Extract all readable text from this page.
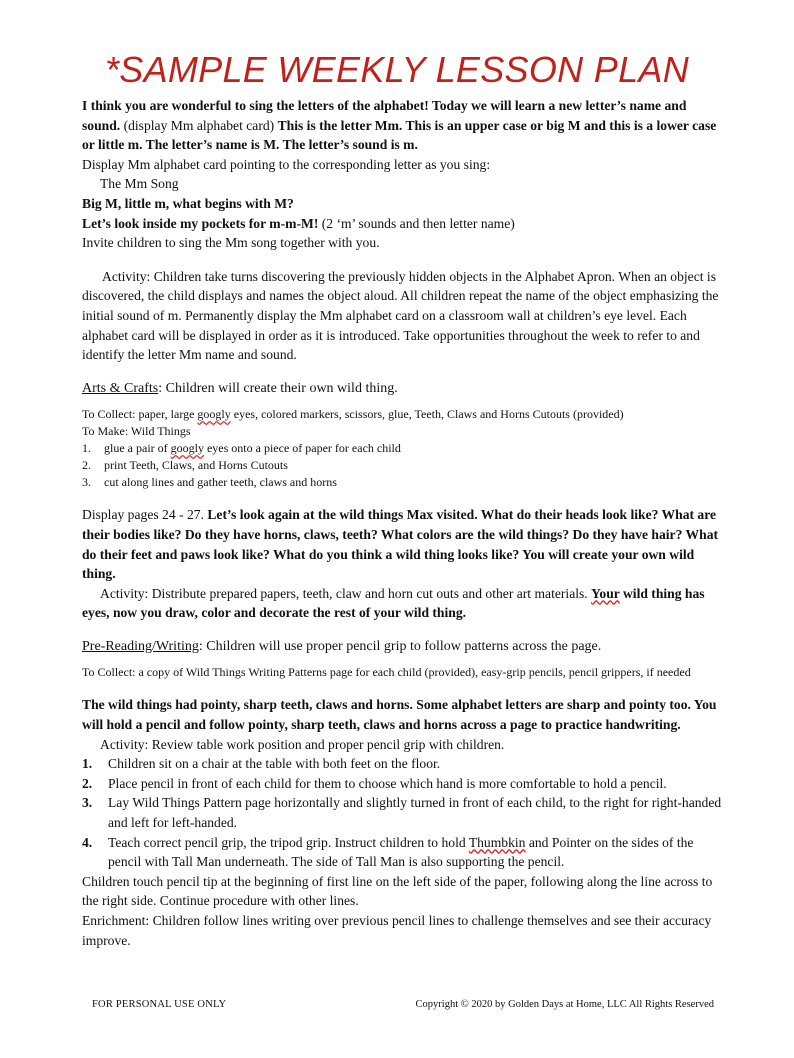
*SAMPLE WEEKLY LESSON PLAN

I think you are wonderful to sing the letters of the alphabet! Today we will learn a new letter’s name and sound. (display Mm alphabet card) This is the letter Mm. This is an upper case or big M and this is a lower case or little m. The letter’s name is M. The letter’s sound is m.

Display Mm alphabet card pointing to the corresponding letter as you sing:

The Mm Song

Big M, little m, what begins with M?

Let’s look inside my pockets for m-m-M! (2 ‘m’ sounds and then letter name)

Invite children to sing the Mm song together with you.

Activity: Children take turns discovering the previously hidden objects in the Alphabet Apron. When an object is discovered, the child displays and names the object aloud. All children repeat the name of the object emphasizing the initial sound of m. Permanently display the Mm alphabet card on a classroom wall at children’s eye level. Each alphabet card will be displayed in order as it is introduced. Take opportunities throughout the week to refer to and identify the letter Mm name and sound.

Arts & Crafts: Children will create their own wild thing.

To Collect: paper, large googly eyes, colored markers, scissors, glue, Teeth, Claws and Horns Cutouts (provided)

To Make: Wild Things

1.	glue a pair of googly eyes onto a piece of paper for each child
2.	print Teeth, Claws, and Horns Cutouts
3.	cut along lines and gather teeth, claws and horns

Display pages 24 - 27. Let’s look again at the wild things Max visited. What do their heads look like? What are their bodies like? Do they have horns, claws, teeth? What colors are the wild things? Do they have hair? What do their feet and paws look like? What do you think a wild thing looks like? You will create your own wild thing.

Activity: Distribute prepared papers, teeth, claw and horn cut outs and other art materials. Your wild thing has eyes, now you draw, color and decorate the rest of your wild thing.

Pre-Reading/Writing: Children will use proper pencil grip to follow patterns across the page.

To Collect: a copy of Wild Things Writing Patterns page for each child (provided), easy-grip pencils, pencil grippers, if needed

The wild things had pointy, sharp teeth, claws and horns. Some alphabet letters are sharp and pointy too. You will hold a pencil and follow pointy, sharp teeth, claws and horns across a page to practice handwriting.

Activity: Review table work position and proper pencil grip with children.

1.	Children sit on a chair at the table with both feet on the floor.
2.	Place pencil in front of each child for them to choose which hand is more comfortable to hold a pencil.
3.	Lay Wild Things Pattern page horizontally and slightly turned in front of each child, to the right for right-handed and left for left-handed.
4.	Teach correct pencil grip, the tripod grip. Instruct children to hold Thumbkin and Pointer on the sides of the pencil with Tall Man underneath. The side of Tall Man is also supporting the pencil.

Children touch pencil tip at the beginning of first line on the left side of the paper, following along the line across to the right side. Continue procedure with other lines.

Enrichment: Children follow lines writing over previous pencil lines to challenge themselves and see their accuracy improve.

FOR PERSONAL USE ONLY	Copyright © 2020 by Golden Days at Home, LLC All Rights Reserved
